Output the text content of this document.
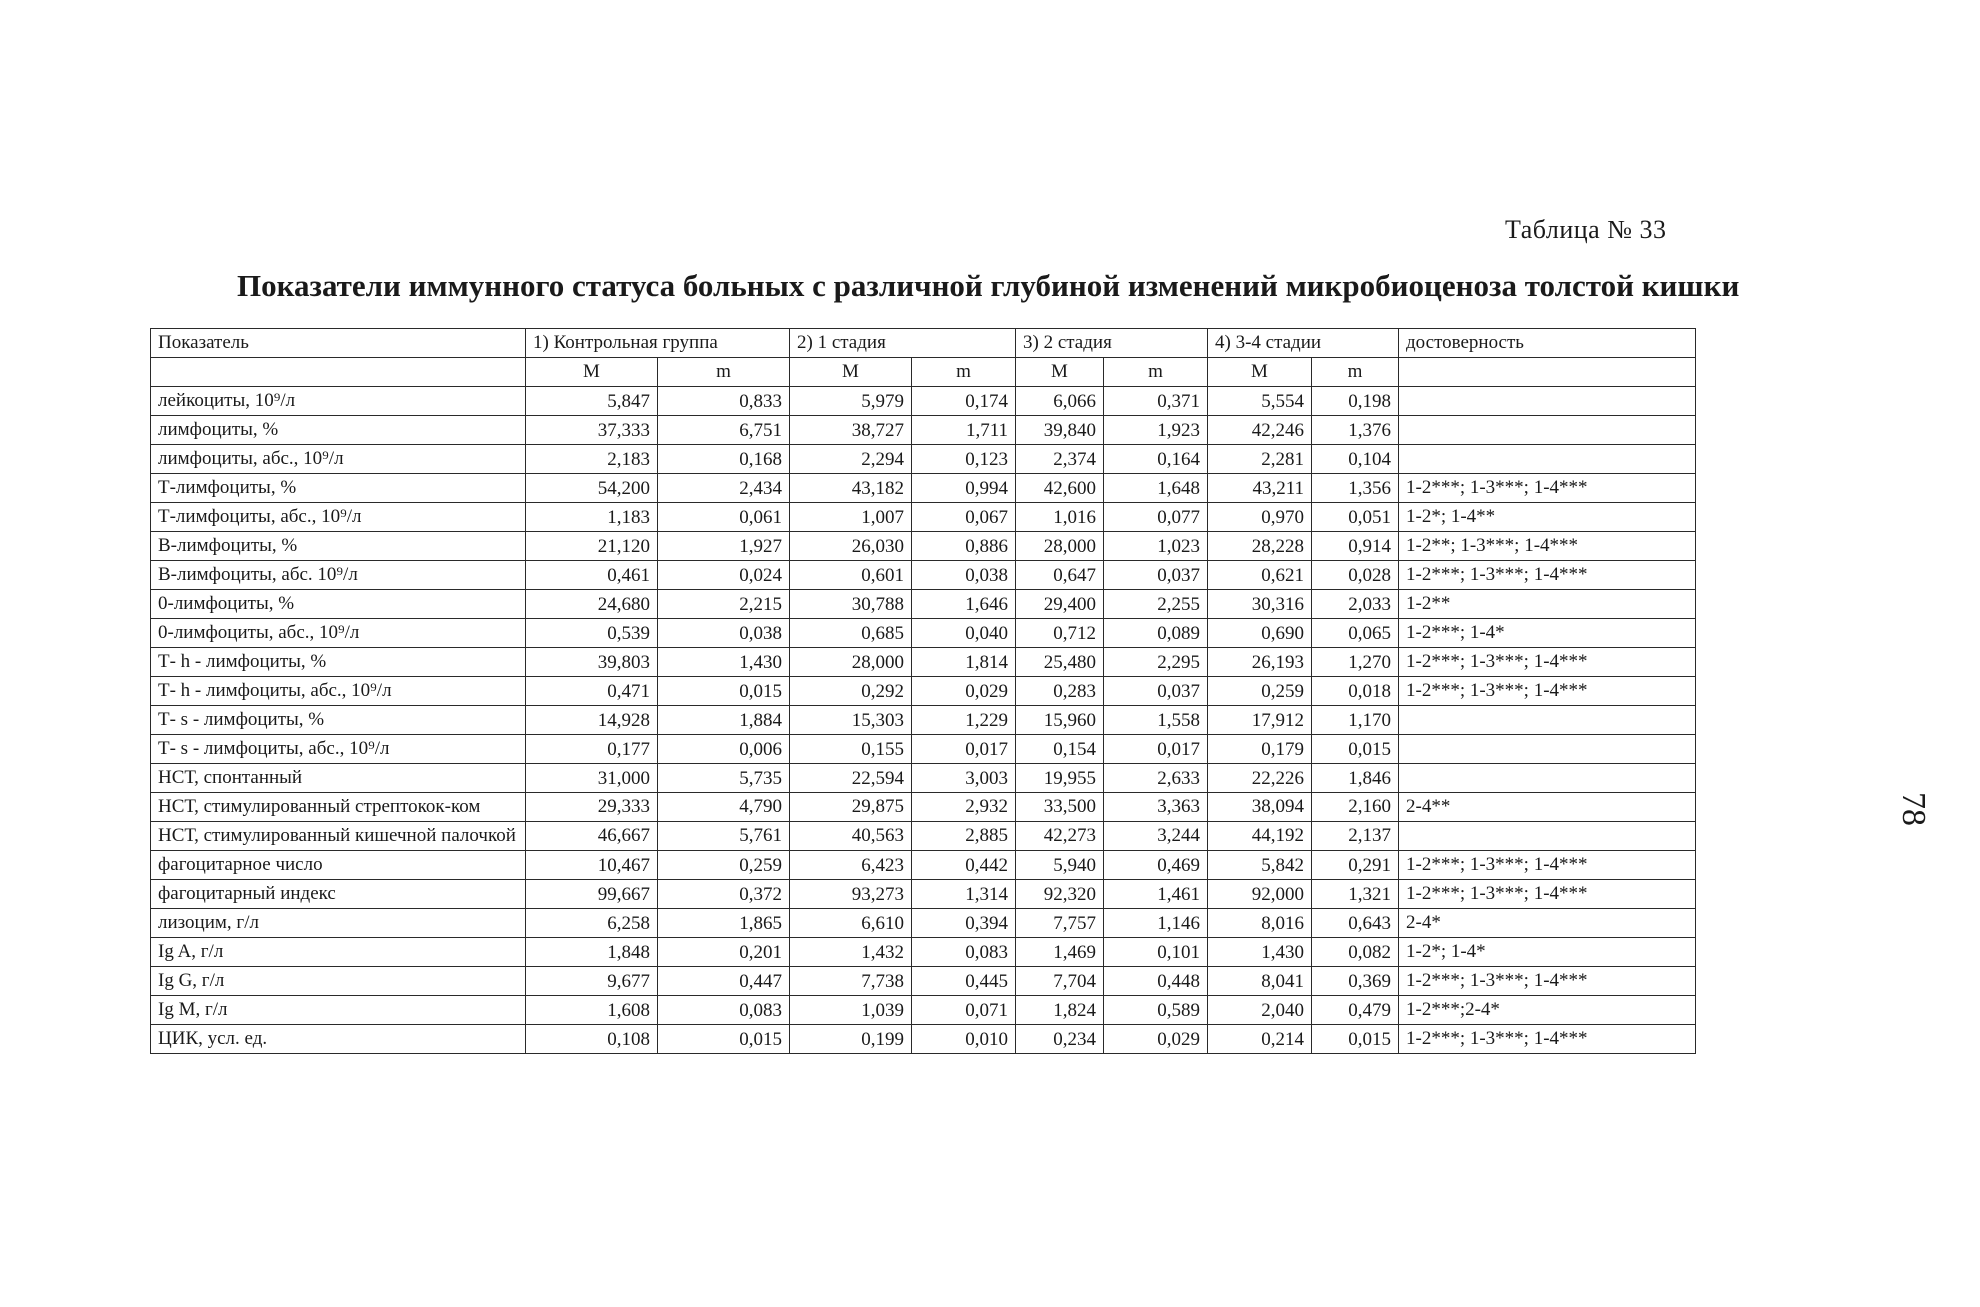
Таблица № 33
Показатели иммунного статуса больных с различной глубиной изменений микробиоценоза толстой кишки
78
Показатель	1) Контрольная группа		2) 1 стадия		3) 2 стадия		4) 3-4 стадии		достоверность
	M	m	M	m	M	m	M	m	
лейкоциты, 10⁹/л	5,847	0,833	5,979	0,174	6,066	0,371	5,554	0,198	
лимфоциты, %	37,333	6,751	38,727	1,711	39,840	1,923	42,246	1,376	
лимфоциты, абс., 10⁹/л	2,183	0,168	2,294	0,123	2,374	0,164	2,281	0,104	
Т-лимфоциты, %	54,200	2,434	43,182	0,994	42,600	1,648	43,211	1,356	1-2***; 1-3***; 1-4***
Т-лимфоциты, абс., 10⁹/л	1,183	0,061	1,007	0,067	1,016	0,077	0,970	0,051	1-2*; 1-4**
В-лимфоциты, %	21,120	1,927	26,030	0,886	28,000	1,023	28,228	0,914	1-2**; 1-3***; 1-4***
В-лимфоциты, абс. 10⁹/л	0,461	0,024	0,601	0,038	0,647	0,037	0,621	0,028	1-2***; 1-3***; 1-4***
0-лимфоциты, %	24,680	2,215	30,788	1,646	29,400	2,255	30,316	2,033	1-2**
0-лимфоциты, абс., 10⁹/л	0,539	0,038	0,685	0,040	0,712	0,089	0,690	0,065	1-2***; 1-4*
Т- h - лимфоциты, %	39,803	1,430	28,000	1,814	25,480	2,295	26,193	1,270	1-2***; 1-3***; 1-4***
Т- h - лимфоциты, абс., 10⁹/л	0,471	0,015	0,292	0,029	0,283	0,037	0,259	0,018	1-2***; 1-3***; 1-4***
Т- s - лимфоциты, %	14,928	1,884	15,303	1,229	15,960	1,558	17,912	1,170	
Т- s - лимфоциты, абс., 10⁹/л	0,177	0,006	0,155	0,017	0,154	0,017	0,179	0,015	
НСТ, спонтанный	31,000	5,735	22,594	3,003	19,955	2,633	22,226	1,846	
НСТ, стимулированный стрептокок-ком	29,333	4,790	29,875	2,932	33,500	3,363	38,094	2,160	2-4**
НСТ, стимулированный кишечной палочкой	46,667	5,761	40,563	2,885	42,273	3,244	44,192	2,137	
фагоцитарное число	10,467	0,259	6,423	0,442	5,940	0,469	5,842	0,291	1-2***; 1-3***; 1-4***
фагоцитарный индекс	99,667	0,372	93,273	1,314	92,320	1,461	92,000	1,321	1-2***; 1-3***; 1-4***
лизоцим, г/л	6,258	1,865	6,610	0,394	7,757	1,146	8,016	0,643	2-4*
Ig A, г/л	1,848	0,201	1,432	0,083	1,469	0,101	1,430	0,082	1-2*; 1-4*
Ig G, г/л	9,677	0,447	7,738	0,445	7,704	0,448	8,041	0,369	1-2***; 1-3***; 1-4***
Ig M, г/л	1,608	0,083	1,039	0,071	1,824	0,589	2,040	0,479	1-2***;2-4*
ЦИК, усл. ед.	0,108	0,015	0,199	0,010	0,234	0,029	0,214	0,015	1-2***; 1-3***; 1-4***
